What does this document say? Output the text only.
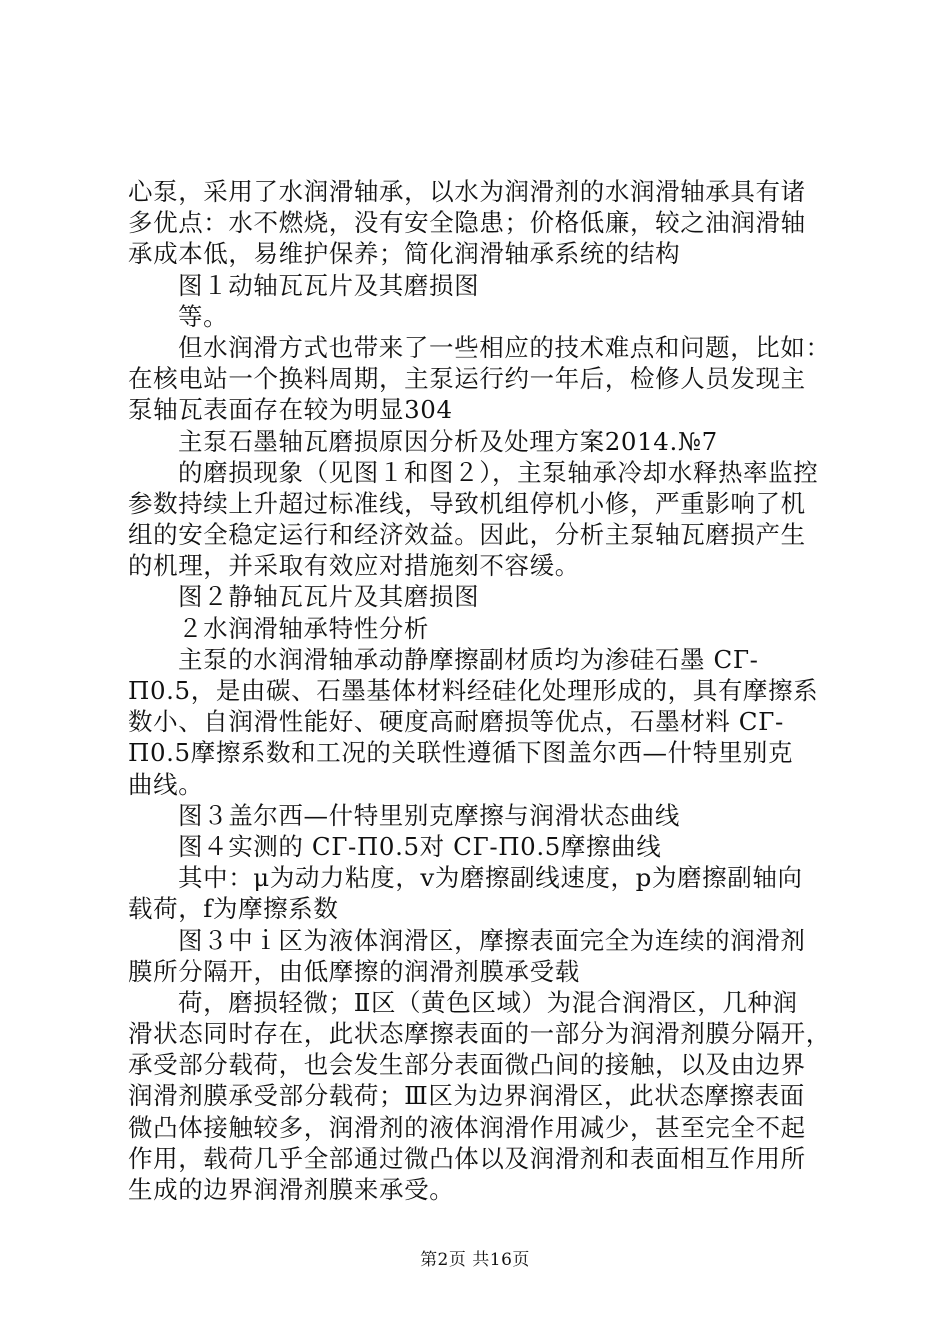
心泵，采用了水润滑轴承，以水为润滑剂的水润滑轴承具有诸
多优点：水不燃烧，没有安全隐患；价格低廉，较之油润滑轴
承成本低，易维护保养；简化润滑轴承系统的结构
图１动轴瓦瓦片及其磨损图
等。
但水润滑方式也带来了一些相应的技术难点和问题，比如：
在核电站一个换料周期，主泵运行约一年后，检修人员发现主
泵轴瓦表面存在较为明显304
主泵石墨轴瓦磨损原因分析及处理方案2014.№7
的磨损现象（见图１和图２），主泵轴承冷却水释热率监控
参数持续上升超过标准线，导致机组停机小修，严重影响了机
组的安全稳定运行和经济效益。因此，分析主泵轴瓦磨损产生
的机理，并采取有效应对措施刻不容缓。
图２静轴瓦瓦片及其磨损图
２水润滑轴承特性分析
主泵的水润滑轴承动静摩擦副材质均为渗硅石墨 СГ-
П0.5，是由碳、石墨基体材料经硅化处理形成的，具有摩擦系
数小、自润滑性能好、硬度高耐磨损等优点，石墨材料 СГ-
П0.5摩擦系数和工况的关联性遵循下图盖尔西—什特里别克
曲线。
图３盖尔西—什特里别克摩擦与润滑状态曲线
图４实测的 СГ-П0.5对 СГ-П0.5摩擦曲线
其中：μ为动力粘度，v为磨擦副线速度，p为磨擦副轴向
载荷，f为摩擦系数
图３中ｉ区为液体润滑区，摩擦表面完全为连续的润滑剂
膜所分隔开，由低摩擦的润滑剂膜承受载
荷，磨损轻微；Ⅱ区（黄色区域）为混合润滑区，几种润
滑状态同时存在，此状态摩擦表面的一部分为润滑剂膜分隔开，
承受部分载荷，也会发生部分表面微凸间的接触，以及由边界
润滑剂膜承受部分载荷；Ⅲ区为边界润滑区，此状态摩擦表面
微凸体接触较多，润滑剂的液体润滑作用减少，甚至完全不起
作用，载荷几乎全部通过微凸体以及润滑剂和表面相互作用所
生成的边界润滑剂膜来承受。
第2页 共16页
